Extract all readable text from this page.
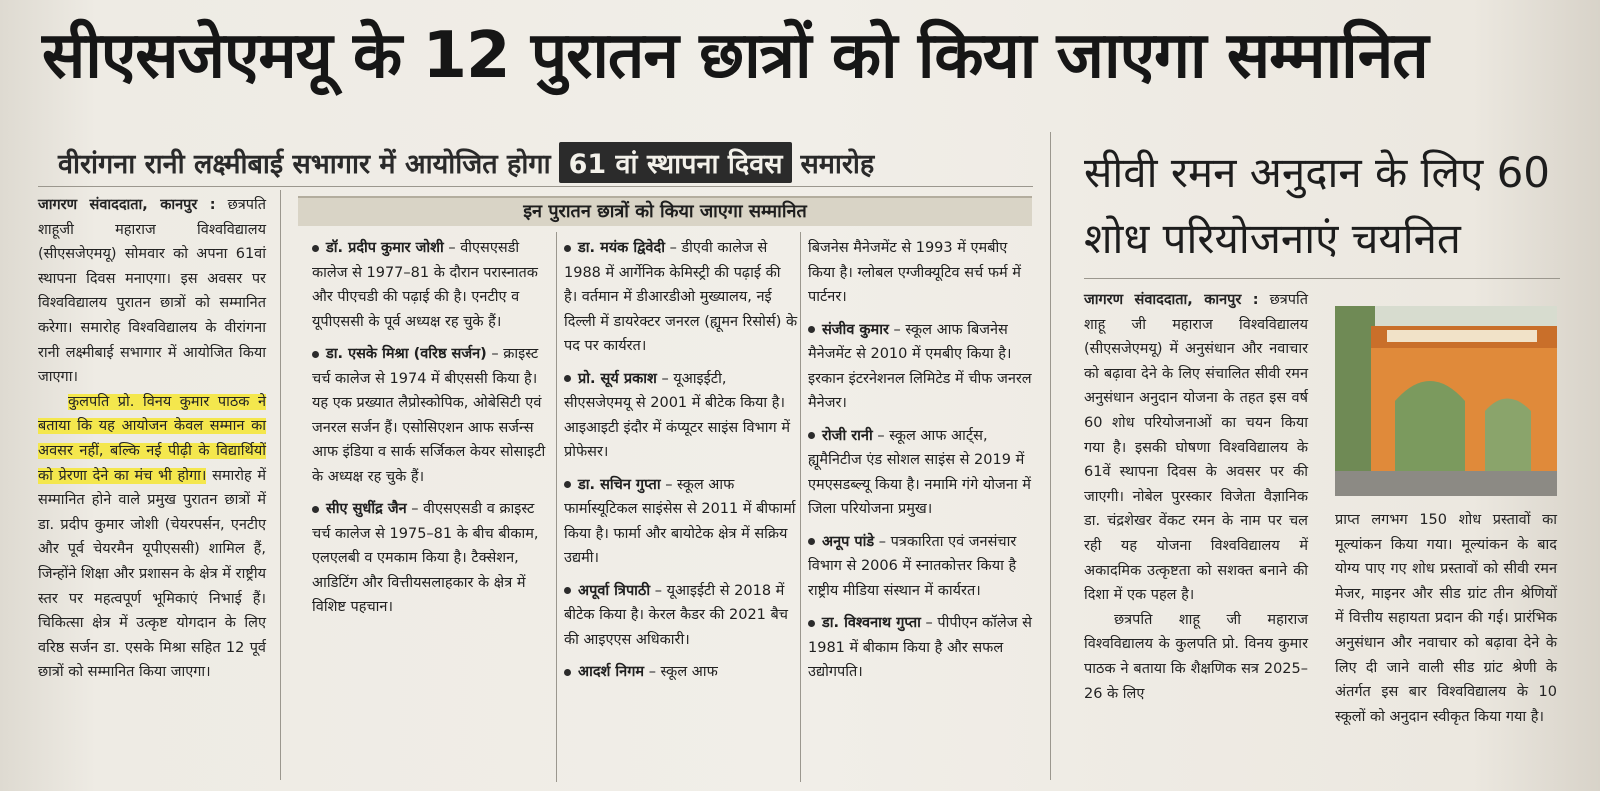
सीएसजेएमयू के 12 पुरातन छात्रों को किया जाएगा सम्मानित
वीरांगना रानी लक्ष्मीबाई सभागार में आयोजित होगा 61 वां स्थापना दिवस समारोह

जागरण संवाददाता, कानपुर : छत्रपति शाहूजी महाराज विश्वविद्यालय (सीएसजेएमयू) सोमवार को अपना 61वां स्थापना दिवस मनाएगा। इस अवसर पर विश्वविद्यालय पुरातन छात्रों को सम्मानित करेगा। समारोह विश्वविद्यालय के वीरांगना रानी लक्ष्मीबाई सभागार में आयोजित किया जाएगा।

कुलपति प्रो. विनय कुमार पाठक ने बताया कि यह आयोजन केवल सम्मान का अवसर नहीं, बल्कि नई पीढ़ी के विद्यार्थियों को प्रेरणा देने का मंच भी होगा। समारोह में सम्मानित होने वाले प्रमुख पुरातन छात्रों में डा. प्रदीप कुमार जोशी (चेयरपर्सन, एनटीए और पूर्व चेयरमैन यूपीएससी) शामिल हैं, जिन्होंने शिक्षा और प्रशासन के क्षेत्र में राष्ट्रीय स्तर पर महत्वपूर्ण भूमिकाएं निभाई हैं। चिकित्सा क्षेत्र में उत्कृष्ट योगदान के लिए वरिष्ठ सर्जन डा. एसके मिश्रा सहित 12 पूर्व छात्रों को सम्मानित किया जाएगा।

इन पुरातन छात्रों को किया जाएगा सम्मानित
डॉ. प्रदीप कुमार जोशी – वीएसएसडी कालेज से 1977–81 के दौरान परास्नातक और पीएचडी की पढ़ाई की है। एनटीए व यूपीएससी के पूर्व अध्यक्ष रह चुके हैं।
डा. एसके मिश्रा (वरिष्ठ सर्जन) – क्राइस्ट चर्च कालेज से 1974 में बीएससी किया है। यह एक प्रख्यात लैप्रोस्कोपिक, ओबेसिटी एवं जनरल सर्जन हैं। एसोसिएशन आफ सर्जन्स आफ इंडिया व सार्क सर्जिकल केयर सोसाइटी के अध्यक्ष रह चुके हैं।
सीए सुधींद्र जैन – वीएसएसडी व क्राइस्ट चर्च कालेज से 1975–81 के बीच बीकाम, एलएलबी व एमकाम किया है। टैक्सेशन, आडिटिंग और वित्तीयसलाहकार के क्षेत्र में विशिष्ट पहचान।
डा. मयंक द्विवेदी – डीएवी कालेज से 1988 में आर्गेनिक केमिस्ट्री की पढ़ाई की है। वर्तमान में डीआरडीओ मुख्यालय, नई दिल्ली में डायरेक्टर जनरल (ह्यूमन रिसोर्स) के पद पर कार्यरत।
प्रो. सूर्य प्रकाश – यूआइईटी, सीएसजेएमयू से 2001 में बीटेक किया है। आइआइटी इंदौर में कंप्यूटर साइंस विभाग में प्रोफेसर।
डा. सचिन गुप्ता – स्कूल आफ फार्मास्यूटिकल साइंसेस से 2011 में बीफार्मा किया है। फार्मा और बायोटेक क्षेत्र में सक्रिय उद्यमी।
अपूर्वा त्रिपाठी – यूआइईटी से 2018 में बीटेक किया है। केरल कैडर की 2021 बैच की आइएएस अधिकारी।
आदर्श निगम – स्कूल आफ
बिजनेस मैनेजमेंट से 1993 में एमबीए किया है। ग्लोबल एग्जीक्यूटिव सर्च फर्म में पार्टनर।
संजीव कुमार – स्कूल आफ बिजनेस मैनेजमेंट से 2010 में एमबीए किया है। इरकान इंटरनेशनल लिमिटेड में चीफ जनरल मैनेजर।
रोजी रानी – स्कूल आफ आर्ट्स, ह्यूमैनिटीज एंड सोशल साइंस से 2019 में एमएसडब्ल्यू किया है। नमामि गंगे योजना में जिला परियोजना प्रमुख।
अनूप पांडे – पत्रकारिता एवं जनसंचार विभाग से 2006 में स्नातकोत्तर किया है राष्ट्रीय मीडिया संस्थान में कार्यरत।
डा. विश्वनाथ गुप्ता – पीपीएन कॉलेज से 1981 में बीकाम किया है और सफल उद्योगपति।
सीवी रमन अनुदान के लिए 60 शोध परियोजनाएं चयनित

जागरण संवाददाता, कानपुर : छत्रपति शाहू जी महाराज विश्वविद्यालय (सीएसजेएमयू) में अनुसंधान और नवाचार को बढ़ावा देने के लिए संचालित सीवी रमन अनुसंधान अनुदान योजना के तहत इस वर्ष 60 शोध परियोजनाओं का चयन किया गया है। इसकी घोषणा विश्वविद्यालय के 61वें स्थापना दिवस के अवसर पर की जाएगी। नोबेल पुरस्कार विजेता वैज्ञानिक डा. चंद्रशेखर वेंकट रमन के नाम पर चल रही यह योजना विश्वविद्यालय में अकादमिक उत्कृष्टता को सशक्त बनाने की दिशा में एक पहल है।

छत्रपति शाहू जी महाराज विश्वविद्यालय के कुलपति प्रो. विनय कुमार पाठक ने बताया कि शैक्षणिक सत्र 2025–26 के लिए

प्राप्त लगभग 150 शोध प्रस्तावों का मूल्यांकन किया गया। मूल्यांकन के बाद योग्य पाए गए शोध प्रस्तावों को सीवी रमन मेजर, माइनर और सीड ग्रांट तीन श्रेणियों में वित्तीय सहायता प्रदान की गई। प्रारंभिक अनुसंधान और नवाचार को बढ़ावा देने के लिए दी जाने वाली सीड ग्रांट श्रेणी के अंतर्गत इस बार विश्वविद्यालय के 10 स्कूलों को अनुदान स्वीकृत किया गया है।
